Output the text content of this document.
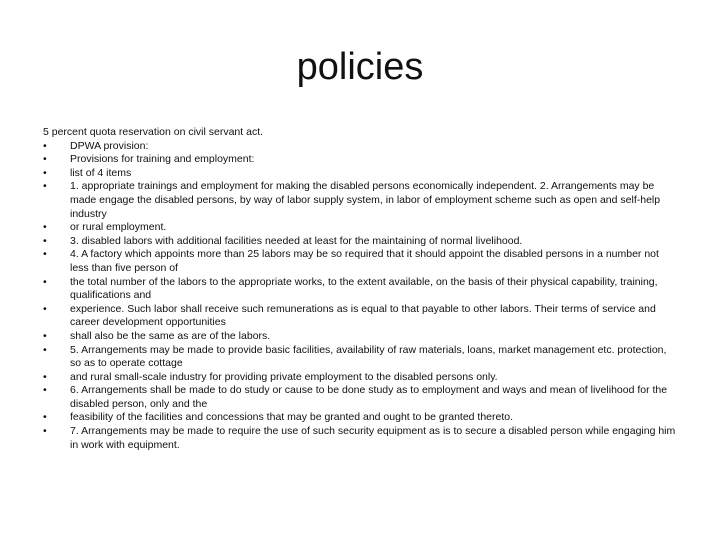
policies

5 percent quota reservation on civil servant act.

•	DPWA provision:
•	Provisions for training and employment:
•	list of 4 items
•	1. appropriate trainings and employment for making the disabled persons economically independent. 2. Arrangements may be made engage the disabled persons, by way of labor supply system, in labor of employment scheme such as open and self-help industry
•	or rural employment.
•	3. disabled labors with additional facilities needed at least for the maintaining of normal livelihood.
•	4. A factory which appoints more than 25 labors may be so required that it should appoint the disabled persons in a number not less than five person of
•	the total number of the labors to the appropriate works, to the extent available, on the basis of their physical capability, training, qualifications and
•	experience. Such labor shall receive such remunerations as is equal to that payable to other labors. Their terms of service and career development opportunities
•	shall also be the same as are of the labors.
•	5. Arrangements may be made to provide basic facilities, availability of raw materials, loans, market management etc. protection, so as to operate cottage
•	and rural small-scale industry for providing private employment to the disabled persons only.
•	6. Arrangements shall be made to do study or cause to be done study as to employment and ways and mean of livelihood for the disabled person, only and the
•	feasibility of the facilities and concessions that may be granted and ought to be granted thereto.
•	7. Arrangements may be made to require the use of such security equipment as is to secure a disabled person while engaging him in work with equipment.
